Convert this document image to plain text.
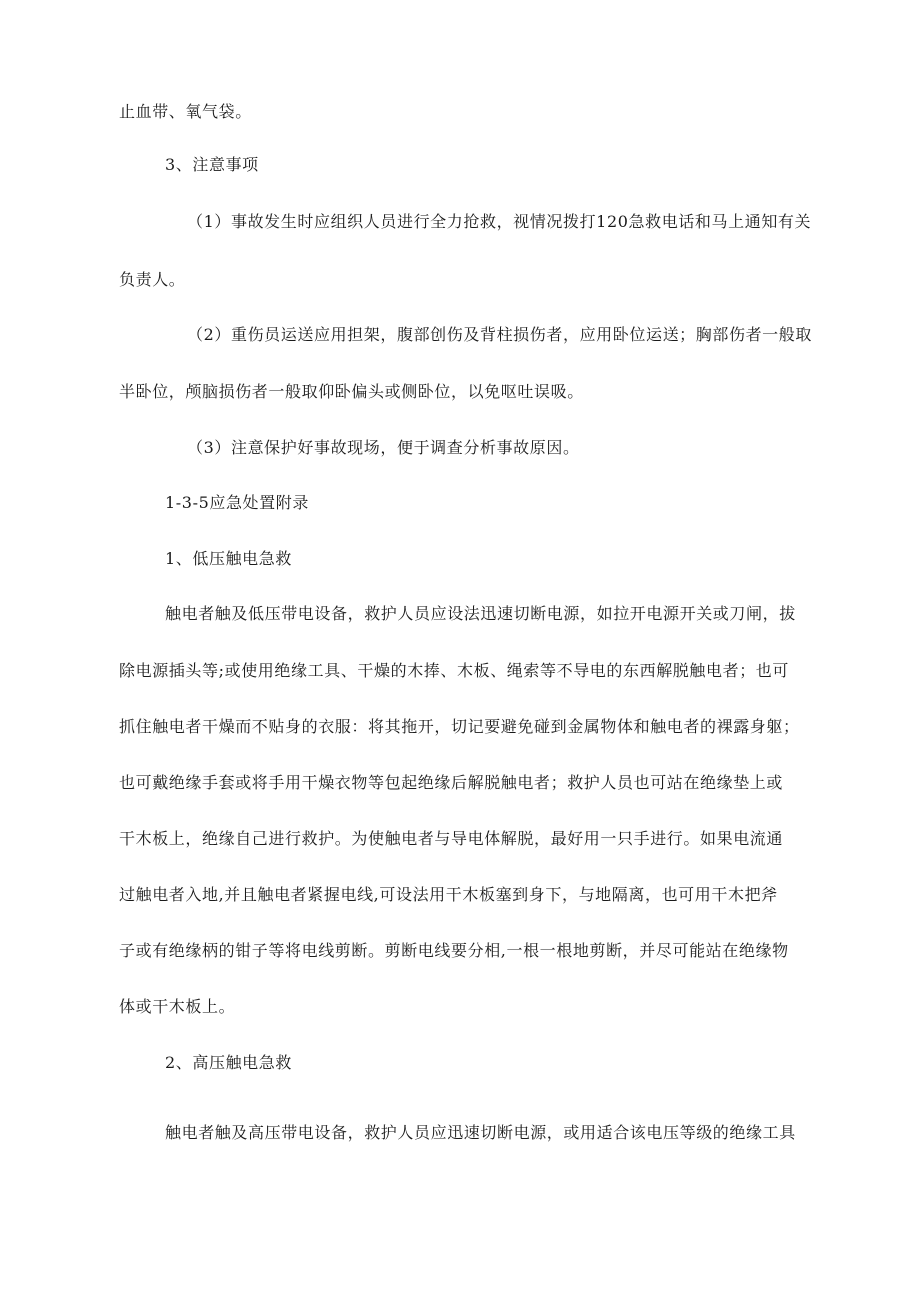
止血带、氧气袋。
3、注意事项
（1）事故发生时应组织人员进行全力抢救，视情况拨打120急救电话和马上通知有关
负责人。
（2）重伤员运送应用担架，腹部创伤及背柱损伤者，应用卧位运送；胸部伤者一般取
半卧位，颅脑损伤者一般取仰卧偏头或侧卧位，以免呕吐误吸。
（3）注意保护好事故现场，便于调查分析事故原因。
1-3-5应急处置附录
1、低压触电急救
触电者触及低压带电设备，救护人员应设法迅速切断电源，如拉开电源开关或刀闸，拔
除电源插头等;或使用绝缘工具、干燥的木捧、木板、绳索等不导电的东西解脱触电者；也可
抓住触电者干燥而不贴身的衣服：将其拖开，切记要避免碰到金属物体和触电者的裸露身躯；
也可戴绝缘手套或将手用干燥衣物等包起绝缘后解脱触电者；救护人员也可站在绝缘垫上或
干木板上，绝缘自己进行救护。为使触电者与导电体解脱，最好用一只手进行。如果电流通
过触电者入地,并且触电者紧握电线,可设法用干木板塞到身下，与地隔离，也可用干木把斧
子或有绝缘柄的钳子等将电线剪断。剪断电线要分相,一根一根地剪断，并尽可能站在绝缘物
体或干木板上。
2、高压触电急救
触电者触及高压带电设备，救护人员应迅速切断电源，或用适合该电压等级的绝缘工具
